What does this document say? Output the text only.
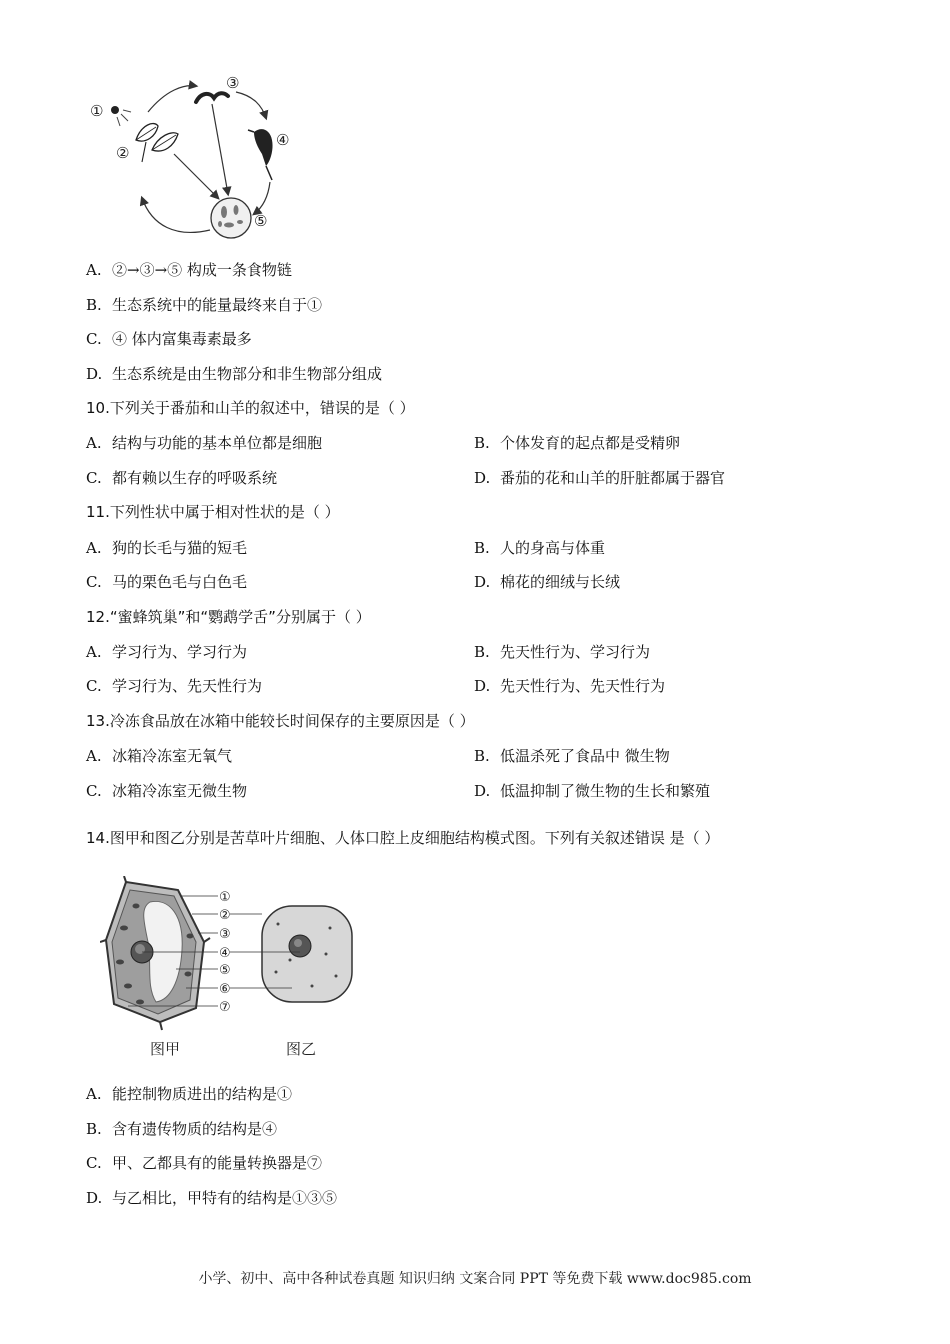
①
②
③
④
⑤
A. ②→③→⑤ 构成一条食物链
B. 生态系统中的能量最终来自于①
C. ④ 体内富集毒素最多
D. 生态系统是由生物部分和非生物部分组成
10.下列关于番茄和山羊的叙述中，错误的是（ ）
A. 结构与功能的基本单位都是细胞	B. 个体发育的起点都是受精卵
C. 都有赖以生存的呼吸系统	D. 番茄的花和山羊的肝脏都属于器官
11.下列性状中属于相对性状的是（ ）
A. 狗的长毛与猫的短毛	B. 人的身高与体重
C. 马的栗色毛与白色毛	D. 棉花的细绒与长绒
12.“蜜蜂筑巢”和“鹦鹉学舌”分别属于（ ）
A. 学习行为、学习行为	B. 先天性行为、学习行为
C. 学习行为、先天性行为	D. 先天性行为、先天性行为
13.冷冻食品放在冰箱中能较长时间保存的主要原因是（ ）
A. 冰箱冷冻室无氧气	B. 低温杀死了食品中 微生物
C. 冰箱冷冻室无微生物	D. 低温抑制了微生物的生长和繁殖
14.图甲和图乙分别是苦草叶片细胞、人体口腔上皮细胞结构模式图。下列有关叙述错误 是（ ）
①
②
③
④
⑤
⑥
⑦
图甲	图乙
A. 能控制物质进出的结构是①
B. 含有遗传物质的结构是④
C. 甲、乙都具有的能量转换器是⑦
D. 与乙相比，甲特有的结构是①③⑤
小学、初中、高中各种试卷真题 知识归纳 文案合同 PPT 等免费下载 www.doc985.com
